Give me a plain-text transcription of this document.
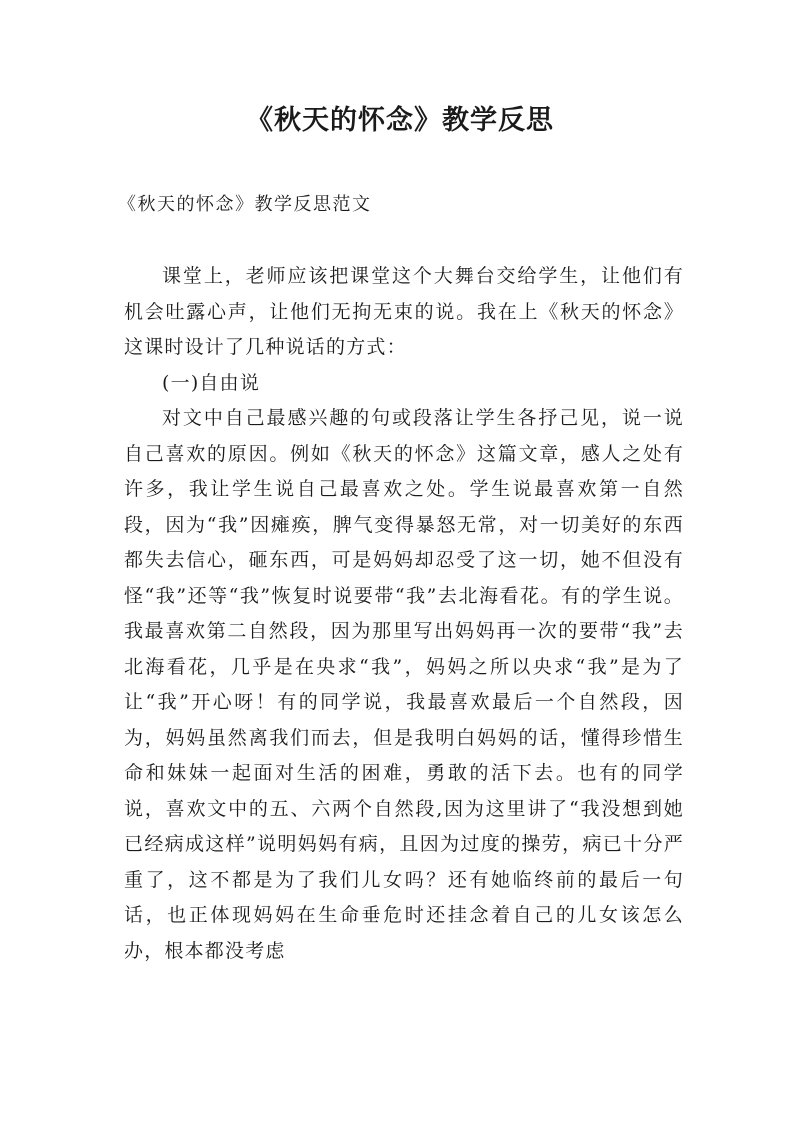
《秋天的怀念》教学反思

《秋天的怀念》教学反思范文

课堂上，老师应该把课堂这个大舞台交给学生，让他们有机会吐露心声，让他们无拘无束的说。我在上《秋天的怀念》这课时设计了几种说话的方式：

(一)自由说

对文中自己最感兴趣的句或段落让学生各抒己见，说一说自己喜欢的原因。例如《秋天的怀念》这篇文章，感人之处有许多，我让学生说自己最喜欢之处。学生说最喜欢第一自然段，因为“我”因瘫痪，脾气变得暴怒无常，对一切美好的东西都失去信心，砸东西，可是妈妈却忍受了这一切，她不但没有怪“我”还等“我”恢复时说要带“我”去北海看花。有的学生说。我最喜欢第二自然段，因为那里写出妈妈再一次的要带“我”去北海看花，几乎是在央求“我”，妈妈之所以央求“我”是为了让“我”开心呀！有的同学说，我最喜欢最后一个自然段，因为，妈妈虽然离我们而去，但是我明白妈妈的话，懂得珍惜生命和妹妹一起面对生活的困难，勇敢的活下去。也有的同学说，喜欢文中的五、六两个自然段,因为这里讲了“我没想到她已经病成这样”说明妈妈有病，且因为过度的操劳，病已十分严重了，这不都是为了我们儿女吗？还有她临终前的最后一句话，也正体现妈妈在生命垂危时还挂念着自己的儿女该怎么办，根本都没考虑
